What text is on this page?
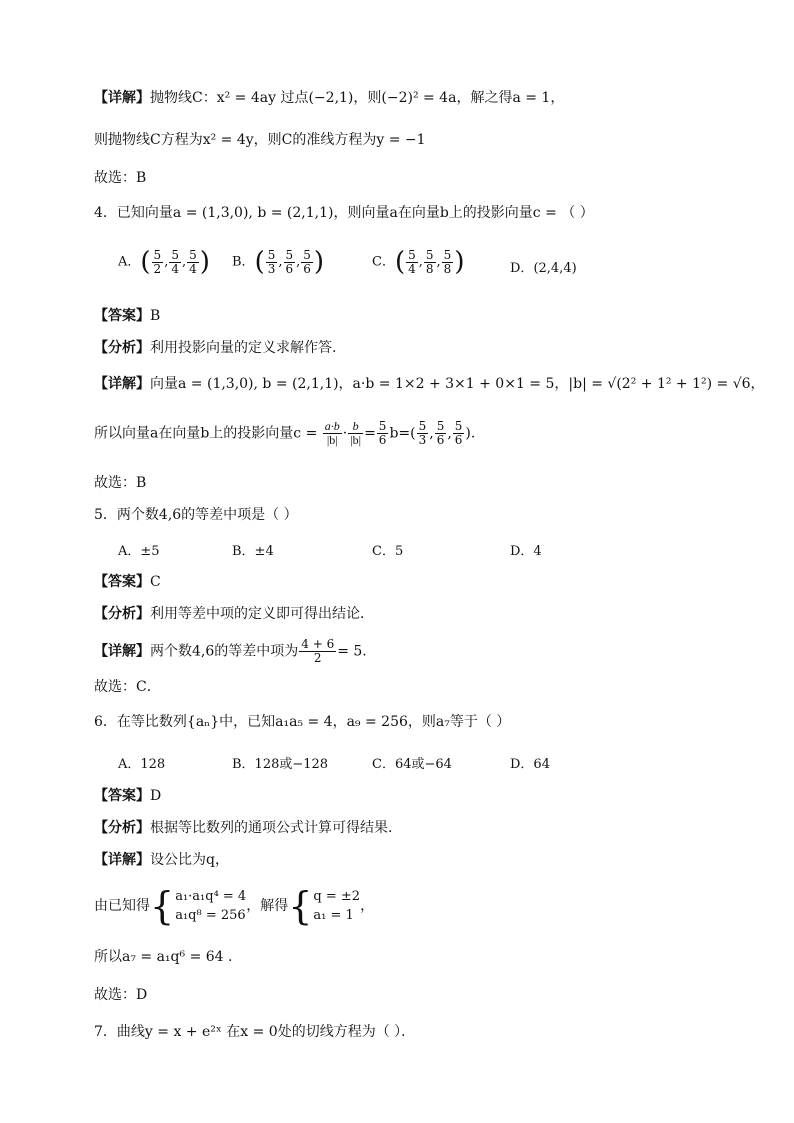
【详解】抛物线C：x² = 4ay 过点(−2,1)，则(−2)² = 4a，解之得a = 1，
则抛物线C方程为x² = 4y，则C的准线方程为y = −1
故选：B
4．已知向量a = (1,3,0), b = (2,1,1)，则向量a在向量b上的投影向量c = （ ）
A．( $\frac{5}{2}$ , $\frac{5}{4}$ , $\frac{5}{4}$ ) B．( $\frac{5}{3}$ , $\frac{5}{6}$ , $\frac{5}{6}$ )	C．( $\frac{5}{4}$ , $\frac{5}{8}$ , $\frac{5}{8}$ )	D．(2,4,4)
【答案】B
【分析】利用投影向量的定义求解作答.
【详解】向量a = (1,3,0), b = (2,1,1)，a·b = 1×2 + 3×1 + 0×1 = 5，|b| = √(2² + 1² + 1²) = √6，
所以向量a在向量b上的投影向量$c = \frac{a\cdot b}{|b|} \cdot \frac{b}{|b|} = \frac{5}{6} b=( \frac{5}{3}$ , $\frac{5}{6}$ , $\frac{5}{6}$ ).
故选：B
5．两个数4,6的等差中项是（ ）
A．±5	B．±4	C．5	D．4
【答案】C
【分析】利用等差中项的定义即可得出结论．
【详解】两个数4,6的等差中项为 $\frac{4 + 6}{2} = 5$.
故选：C．
6．在等比数列{aₙ}中，已知a₁a₅ = 4，a₉ = 256，则a₇等于（ ）
A．128	B．128或−128	C．64或−64	D．64
【答案】D
【分析】根据等比数列的通项公式计算可得结果.
【详解】设公比为q，
由已知得{ a₁·a₁q⁴ = 4
a₁q⁸ = 256
，解得{ q = ±2
a₁ = 1
，
所以a₇ = a₁q⁶ = 64 .
故选：D
7．曲线y = x + e²ˣ 在x = 0处的切线方程为（ ）．
